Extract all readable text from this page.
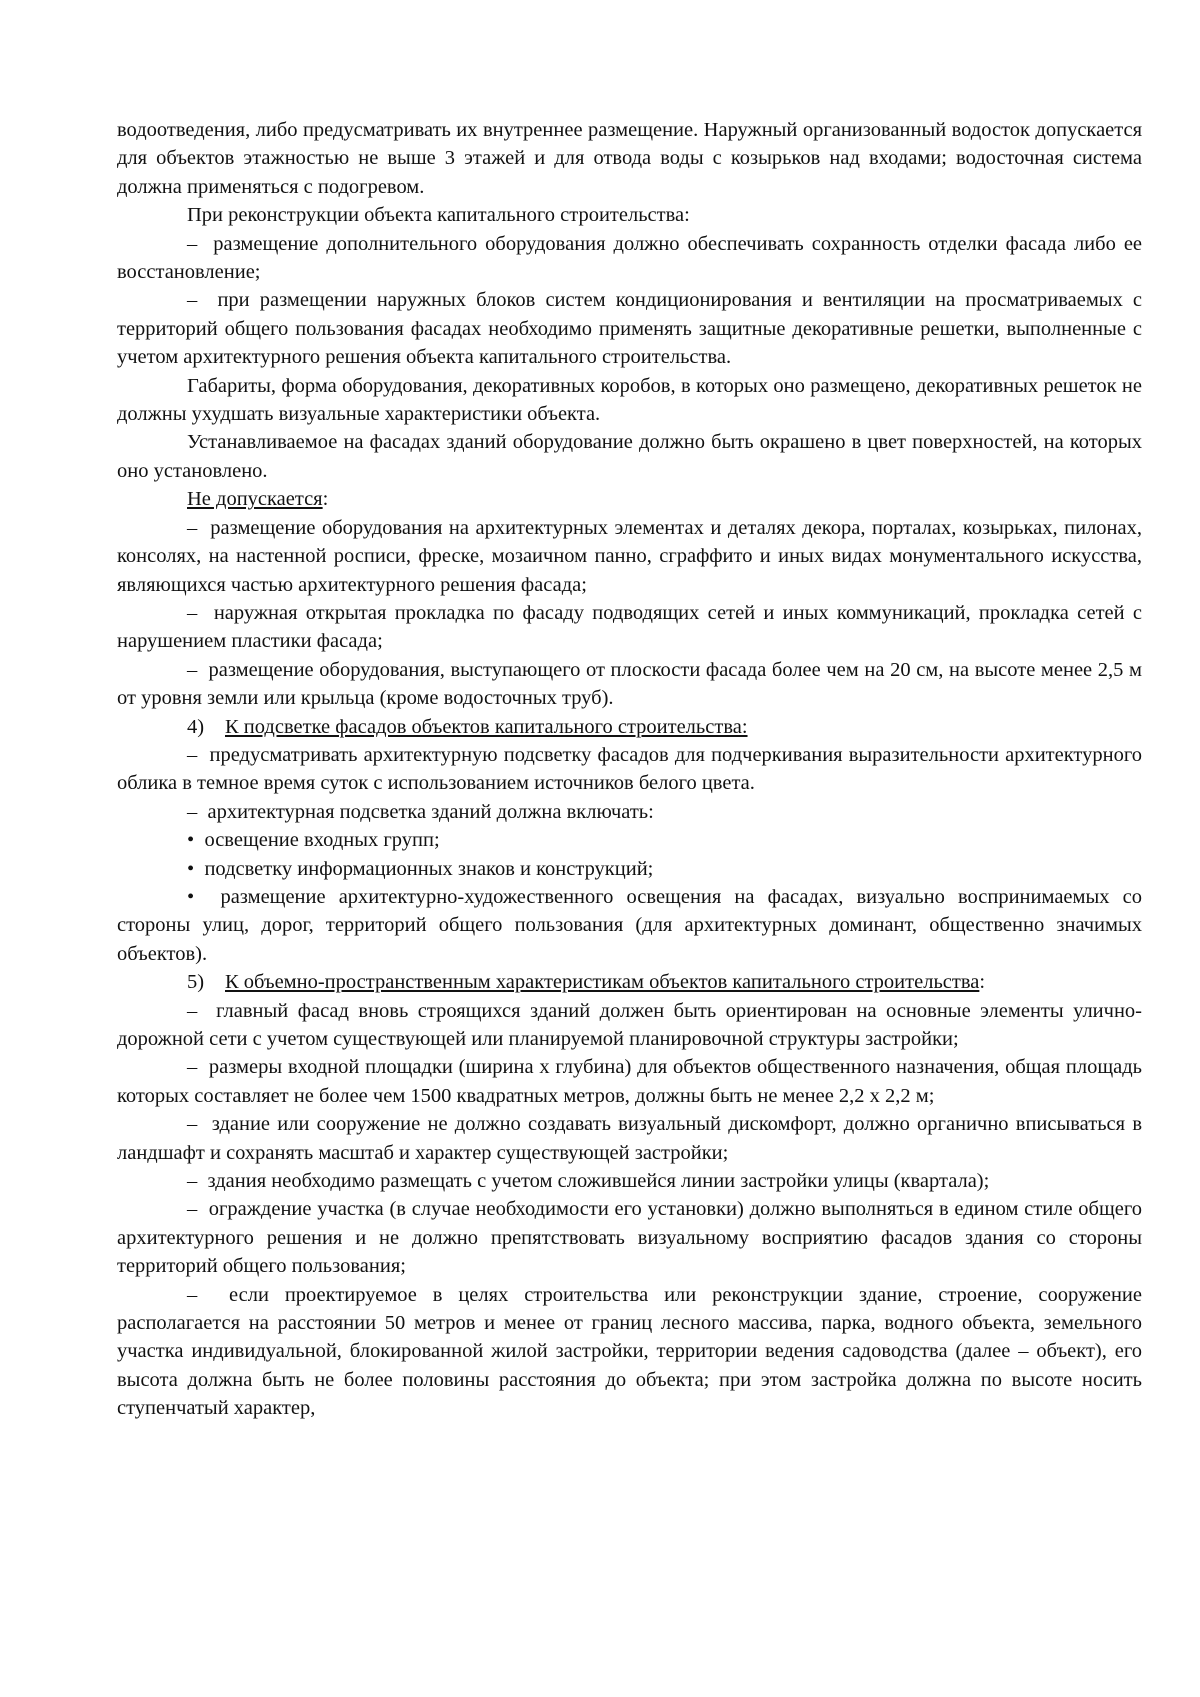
водоотведения, либо предусматривать их внутреннее размещение. Наружный организованный водосток допускается для объектов этажностью не выше 3 этажей и для отвода воды с козырьков над входами; водосточная система должна применяться с подогревом.

При реконструкции объекта капитального строительства:

– размещение дополнительного оборудования должно обеспечивать сохранность отделки фасада либо ее восстановление;

– при размещении наружных блоков систем кондиционирования и вентиляции на просматриваемых с территорий общего пользования фасадах необходимо применять защитные декоративные решетки, выполненные с учетом архитектурного решения объекта капитального строительства.

Габариты, форма оборудования, декоративных коробов, в которых оно размещено, декоративных решеток не должны ухудшать визуальные характеристики объекта.

Устанавливаемое на фасадах зданий оборудование должно быть окрашено в цвет поверхностей, на которых оно установлено.

Не допускается:

– размещение оборудования на архитектурных элементах и деталях декора, порталах, козырьках, пилонах, консолях, на настенной росписи, фреске, мозаичном панно, сграффито и иных видах монументального искусства, являющихся частью архитектурного решения фасада;

– наружная открытая прокладка по фасаду подводящих сетей и иных коммуникаций, прокладка сетей с нарушением пластики фасада;

– размещение оборудования, выступающего от плоскости фасада более чем на 20 см, на высоте менее 2,5 м от уровня земли или крыльца (кроме водосточных труб).

4) К подсветке фасадов объектов капитального строительства:

– предусматривать архитектурную подсветку фасадов для подчеркивания выразительности архитектурного облика в темное время суток с использованием источников белого цвета.

– архитектурная подсветка зданий должна включать:

• освещение входных групп;

• подсветку информационных знаков и конструкций;

• размещение архитектурно-художественного освещения на фасадах, визуально воспринимаемых со стороны улиц, дорог, территорий общего пользования (для архитектурных доминант, общественно значимых объектов).

5) К объемно-пространственным характеристикам объектов капитального строительства:

– главный фасад вновь строящихся зданий должен быть ориентирован на основные элементы улично-дорожной сети с учетом существующей или планируемой планировочной структуры застройки;

– размеры входной площадки (ширина х глубина) для объектов общественного назначения, общая площадь которых составляет не более чем 1500 квадратных метров, должны быть не менее 2,2 х 2,2 м;

– здание или сооружение не должно создавать визуальный дискомфорт, должно органично вписываться в ландшафт и сохранять масштаб и характер существующей застройки;

– здания необходимо размещать с учетом сложившейся линии застройки улицы (квартала);

– ограждение участка (в случае необходимости его установки) должно выполняться в едином стиле общего архитектурного решения и не должно препятствовать визуальному восприятию фасадов здания со стороны территорий общего пользования;

– если проектируемое в целях строительства или реконструкции здание, строение, сооружение располагается на расстоянии 50 метров и менее от границ лесного массива, парка, водного объекта, земельного участка индивидуальной, блокированной жилой застройки, территории ведения садоводства (далее – объект), его высота должна быть не более половины расстояния до объекта; при этом застройка должна по высоте носить ступенчатый характер,
